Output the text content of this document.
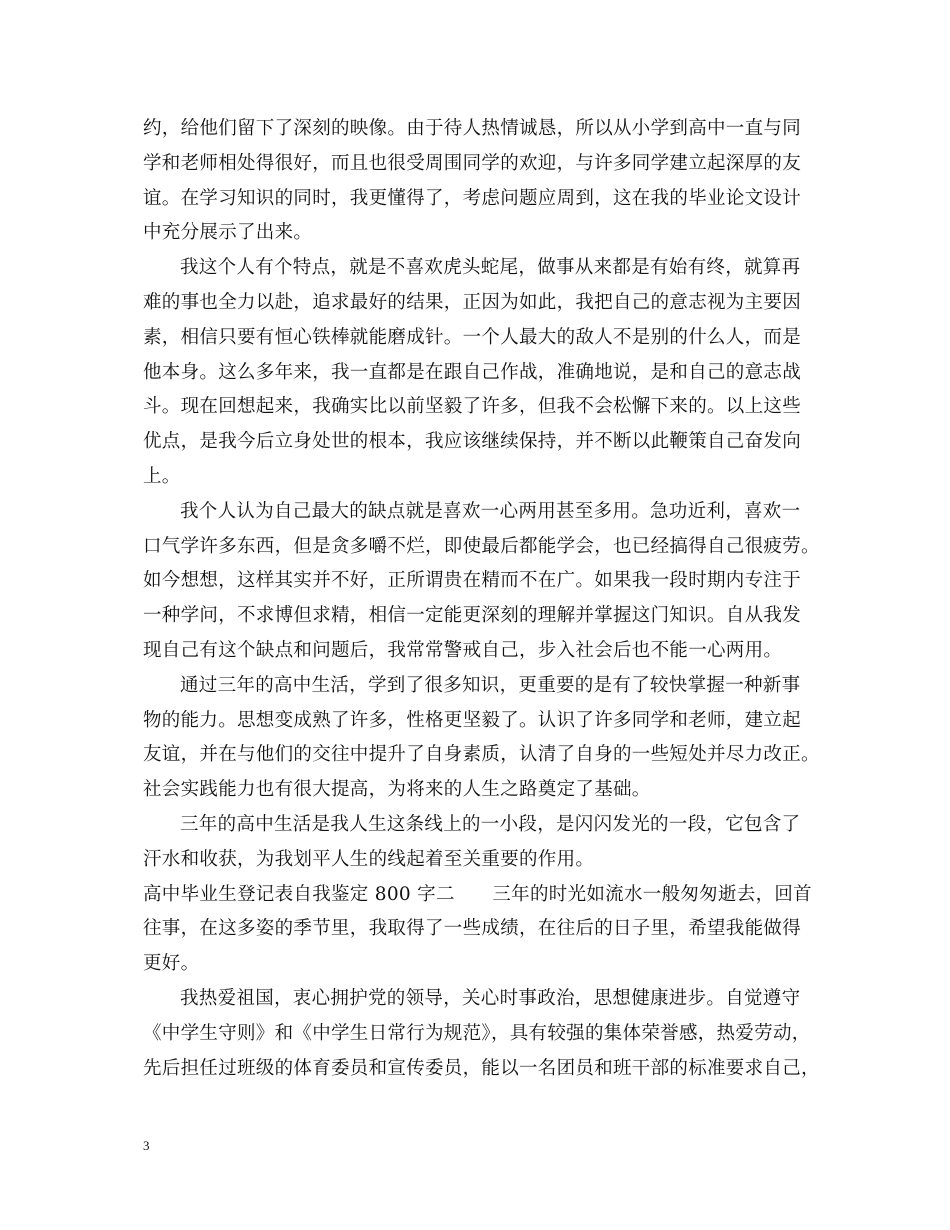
约，给他们留下了深刻的映像。由于待人热情诚恳，所以从小学到高中一直与同
学和老师相处得很好，而且也很受周围同学的欢迎，与许多同学建立起深厚的友
谊。在学习知识的同时，我更懂得了，考虑问题应周到，这在我的毕业论文设计
中充分展示了出来。
我这个人有个特点，就是不喜欢虎头蛇尾，做事从来都是有始有终，就算再
难的事也全力以赴，追求最好的结果，正因为如此，我把自己的意志视为主要因
素，相信只要有恒心铁棒就能磨成针。一个人最大的敌人不是别的什么人，而是
他本身。这么多年来，我一直都是在跟自己作战，准确地说，是和自己的意志战
斗。现在回想起来，我确实比以前坚毅了许多，但我不会松懈下来的。以上这些
优点，是我今后立身处世的根本，我应该继续保持，并不断以此鞭策自己奋发向
上。
我个人认为自己最大的缺点就是喜欢一心两用甚至多用。急功近利，喜欢一
口气学许多东西，但是贪多嚼不烂，即使最后都能学会，也已经搞得自己很疲劳。
如今想想，这样其实并不好，正所谓贵在精而不在广。如果我一段时期内专注于
一种学问，不求博但求精，相信一定能更深刻的理解并掌握这门知识。自从我发
现自己有这个缺点和问题后，我常常警戒自己，步入社会后也不能一心两用。
通过三年的高中生活，学到了很多知识，更重要的是有了较快掌握一种新事
物的能力。思想变成熟了许多，性格更坚毅了。认识了许多同学和老师，建立起
友谊，并在与他们的交往中提升了自身素质，认清了自身的一些短处并尽力改正。
社会实践能力也有很大提高，为将来的人生之路奠定了基础。
三年的高中生活是我人生这条线上的一小段，是闪闪发光的一段，它包含了
汗水和收获，为我划平人生的线起着至关重要的作用。
高中毕业生登记表自我鉴定 800 字二　　三年的时光如流水一般匆匆逝去，回首
往事，在这多姿的季节里，我取得了一些成绩，在往后的日子里，希望我能做得
更好。
我热爱祖国，衷心拥护党的领导，关心时事政治，思想健康进步。自觉遵守
《中学生守则》和《中学生日常行为规范》，具有较强的集体荣誉感，热爱劳动，
先后担任过班级的体育委员和宣传委员，能以一名团员和班干部的标准要求自己，
3
